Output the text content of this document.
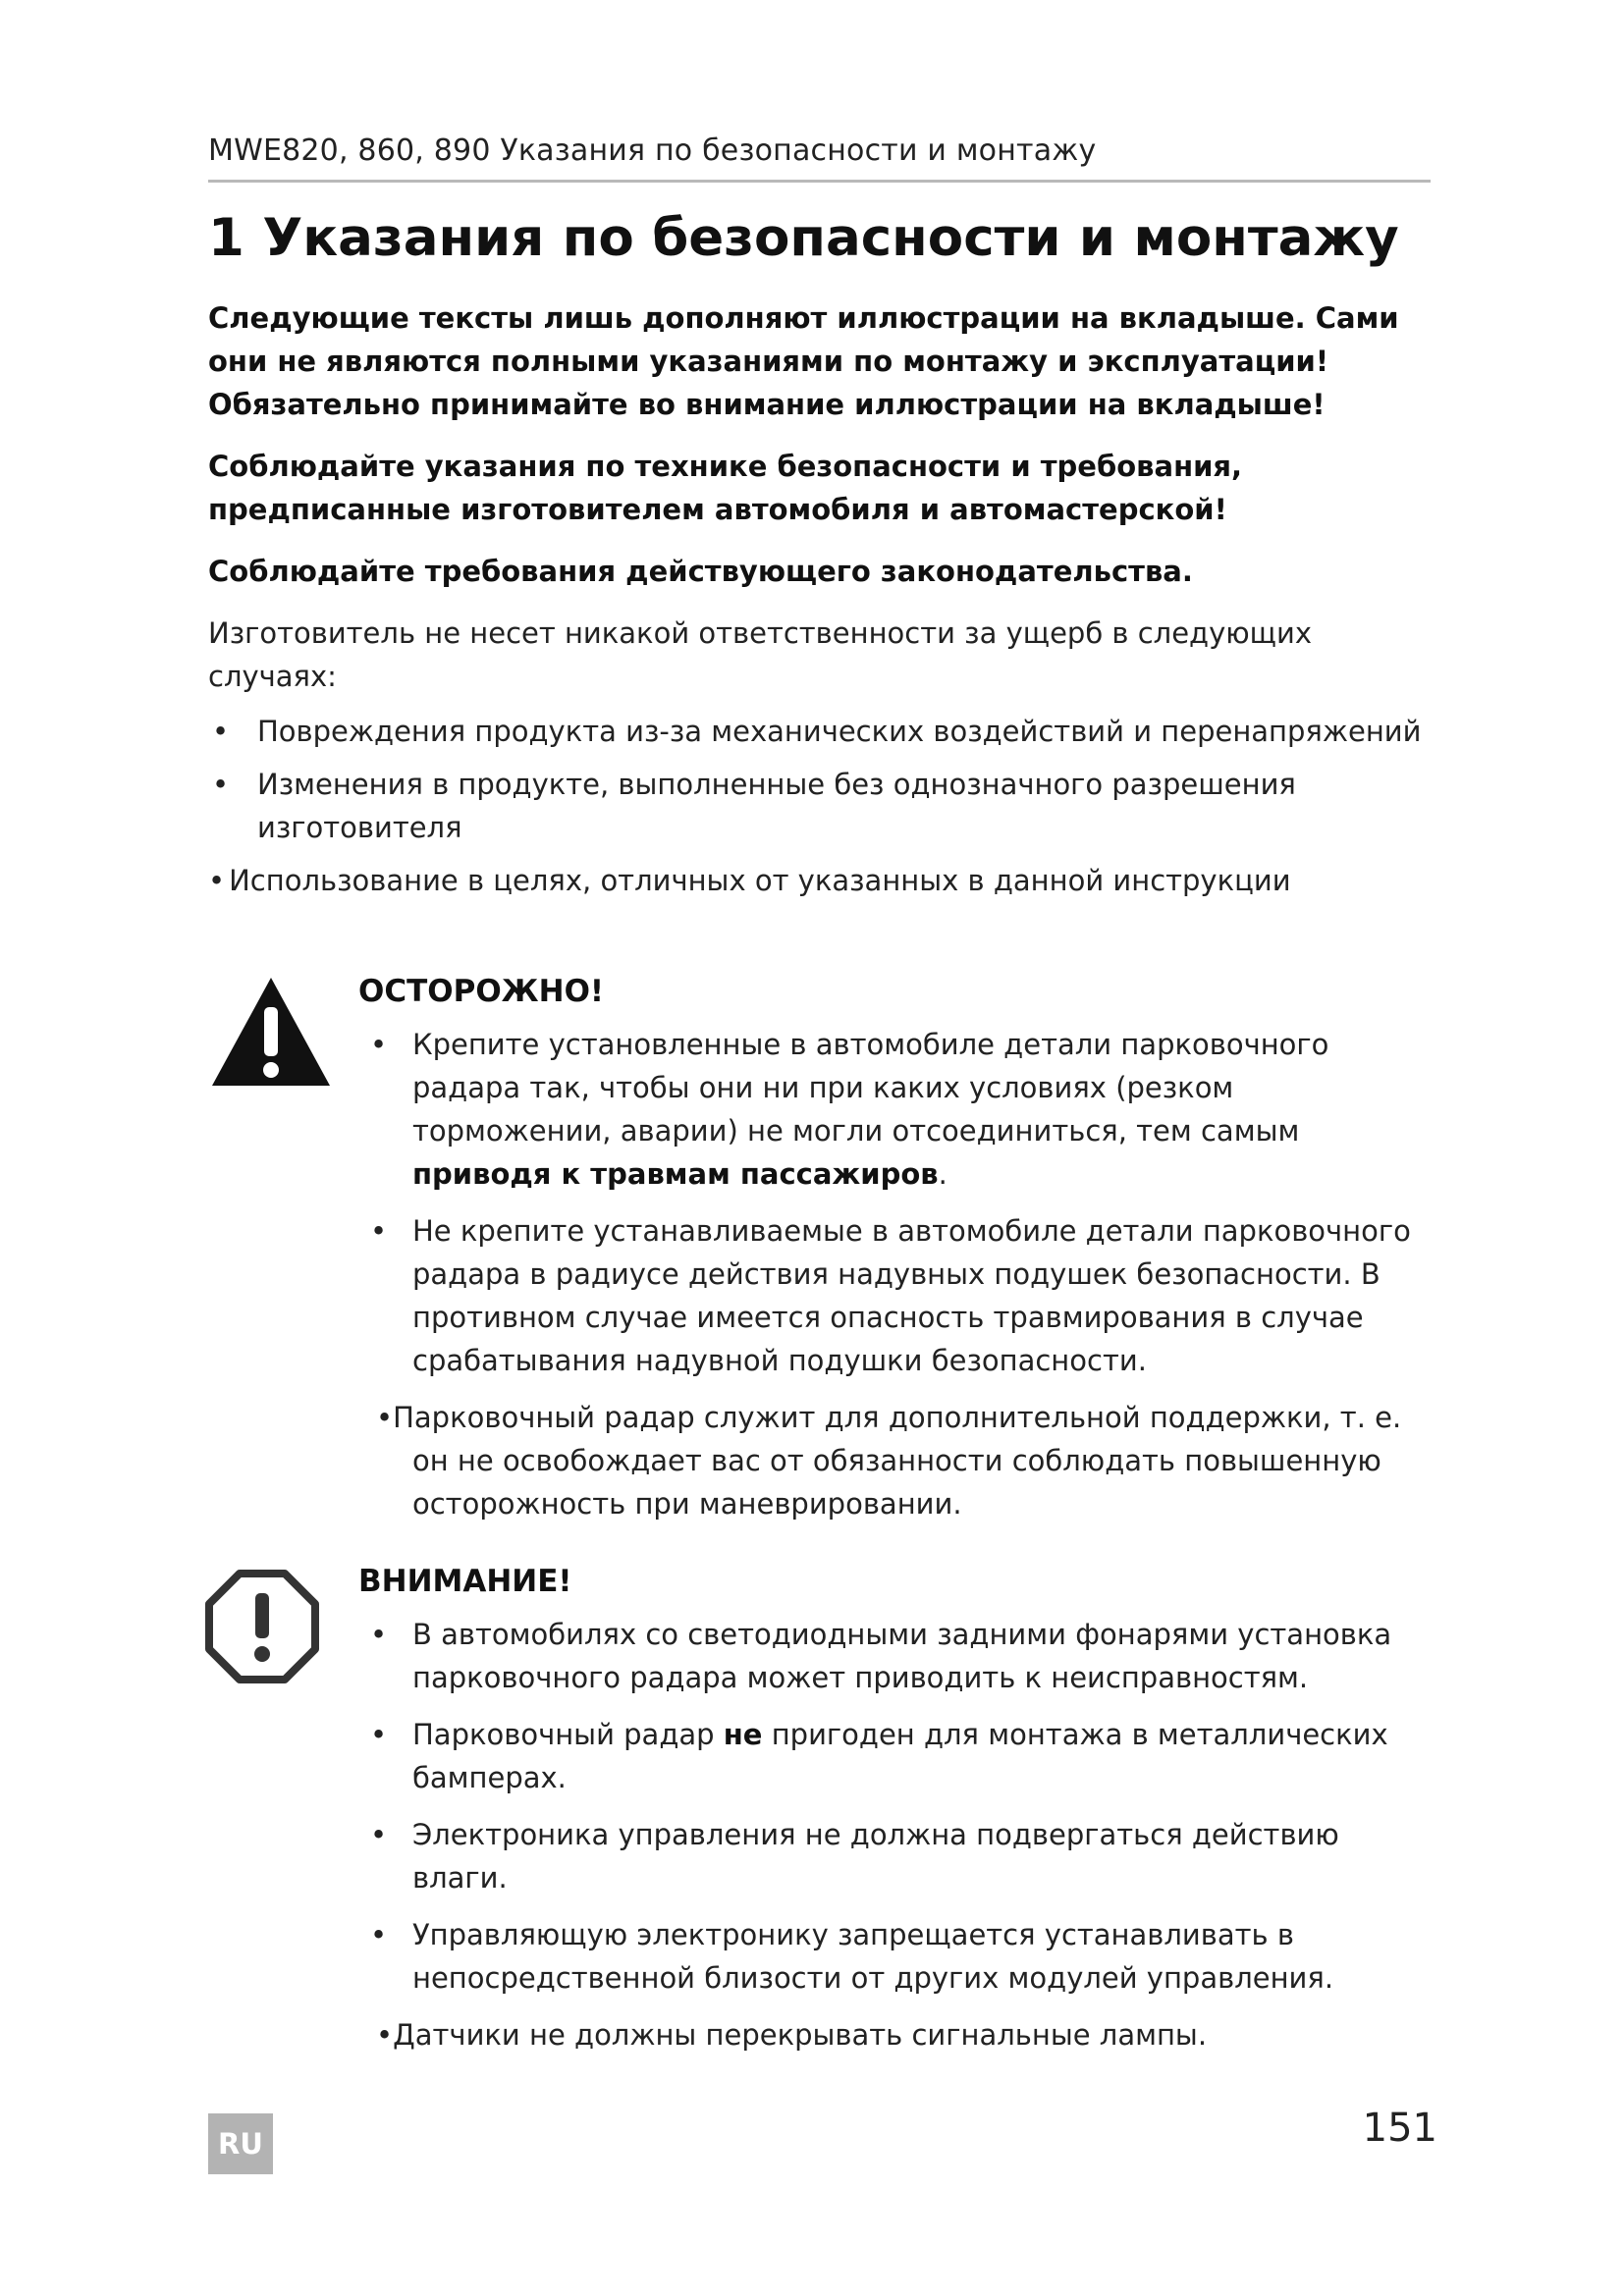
MWE820, 860, 890 Указания по безопасности и монтажу
1 Указания по безопасности и монтажу

Следующие тексты лишь дополняют иллюстрации на вкладыше. Сами они не являются полными указаниями по монтажу и эксплуатации! Обязательно принимайте во внимание иллюстрации на вкладыше!

Соблюдайте указания по технике безопасности и требования, предписанные изготовителем автомобиля и автомастерской!

Соблюдайте требования действующего законодательства.

Изготовитель не несет никакой ответственности за ущерб в следующих случаях:

• Повреждения продукта из-за механических воздействий и перенапряжений
• Изменения в продукте, выполненные без однозначного разрешения изготовителя
• Использование в целях, отличных от указанных в данной инструкции
ОСТОРОЖНО!
• Крепите установленные в автомобиле детали парковочного радара так, чтобы они ни при каких условиях (резком торможении, аварии) не могли отсоединиться, тем самым приводя к травмам пассажиров.
• Не крепите устанавливаемые в автомобиле детали парковочного радара в радиусе действия надувных подушек безопасности. В противном случае имеется опасность травмирования в случае срабатывания надувной подушки безопасности.
•Парковочный радар служит для дополнительной поддержки, т. е. он не освобождает вас от обязанности соблюдать повышенную осторожность при маневрировании.
ВНИМАНИЕ!
• В автомобилях со светодиодными задними фонарями установка парковочного радара может приводить к неисправностям.
• Парковочный радар не пригоден для монтажа в металлических бамперах.
• Электроника управления не должна подвергаться действию влаги.
• Управляющую электронику запрещается устанавливать в непосредственной близости от других модулей управления.
•Датчики не должны перекрывать сигнальные лампы.
RU	151
